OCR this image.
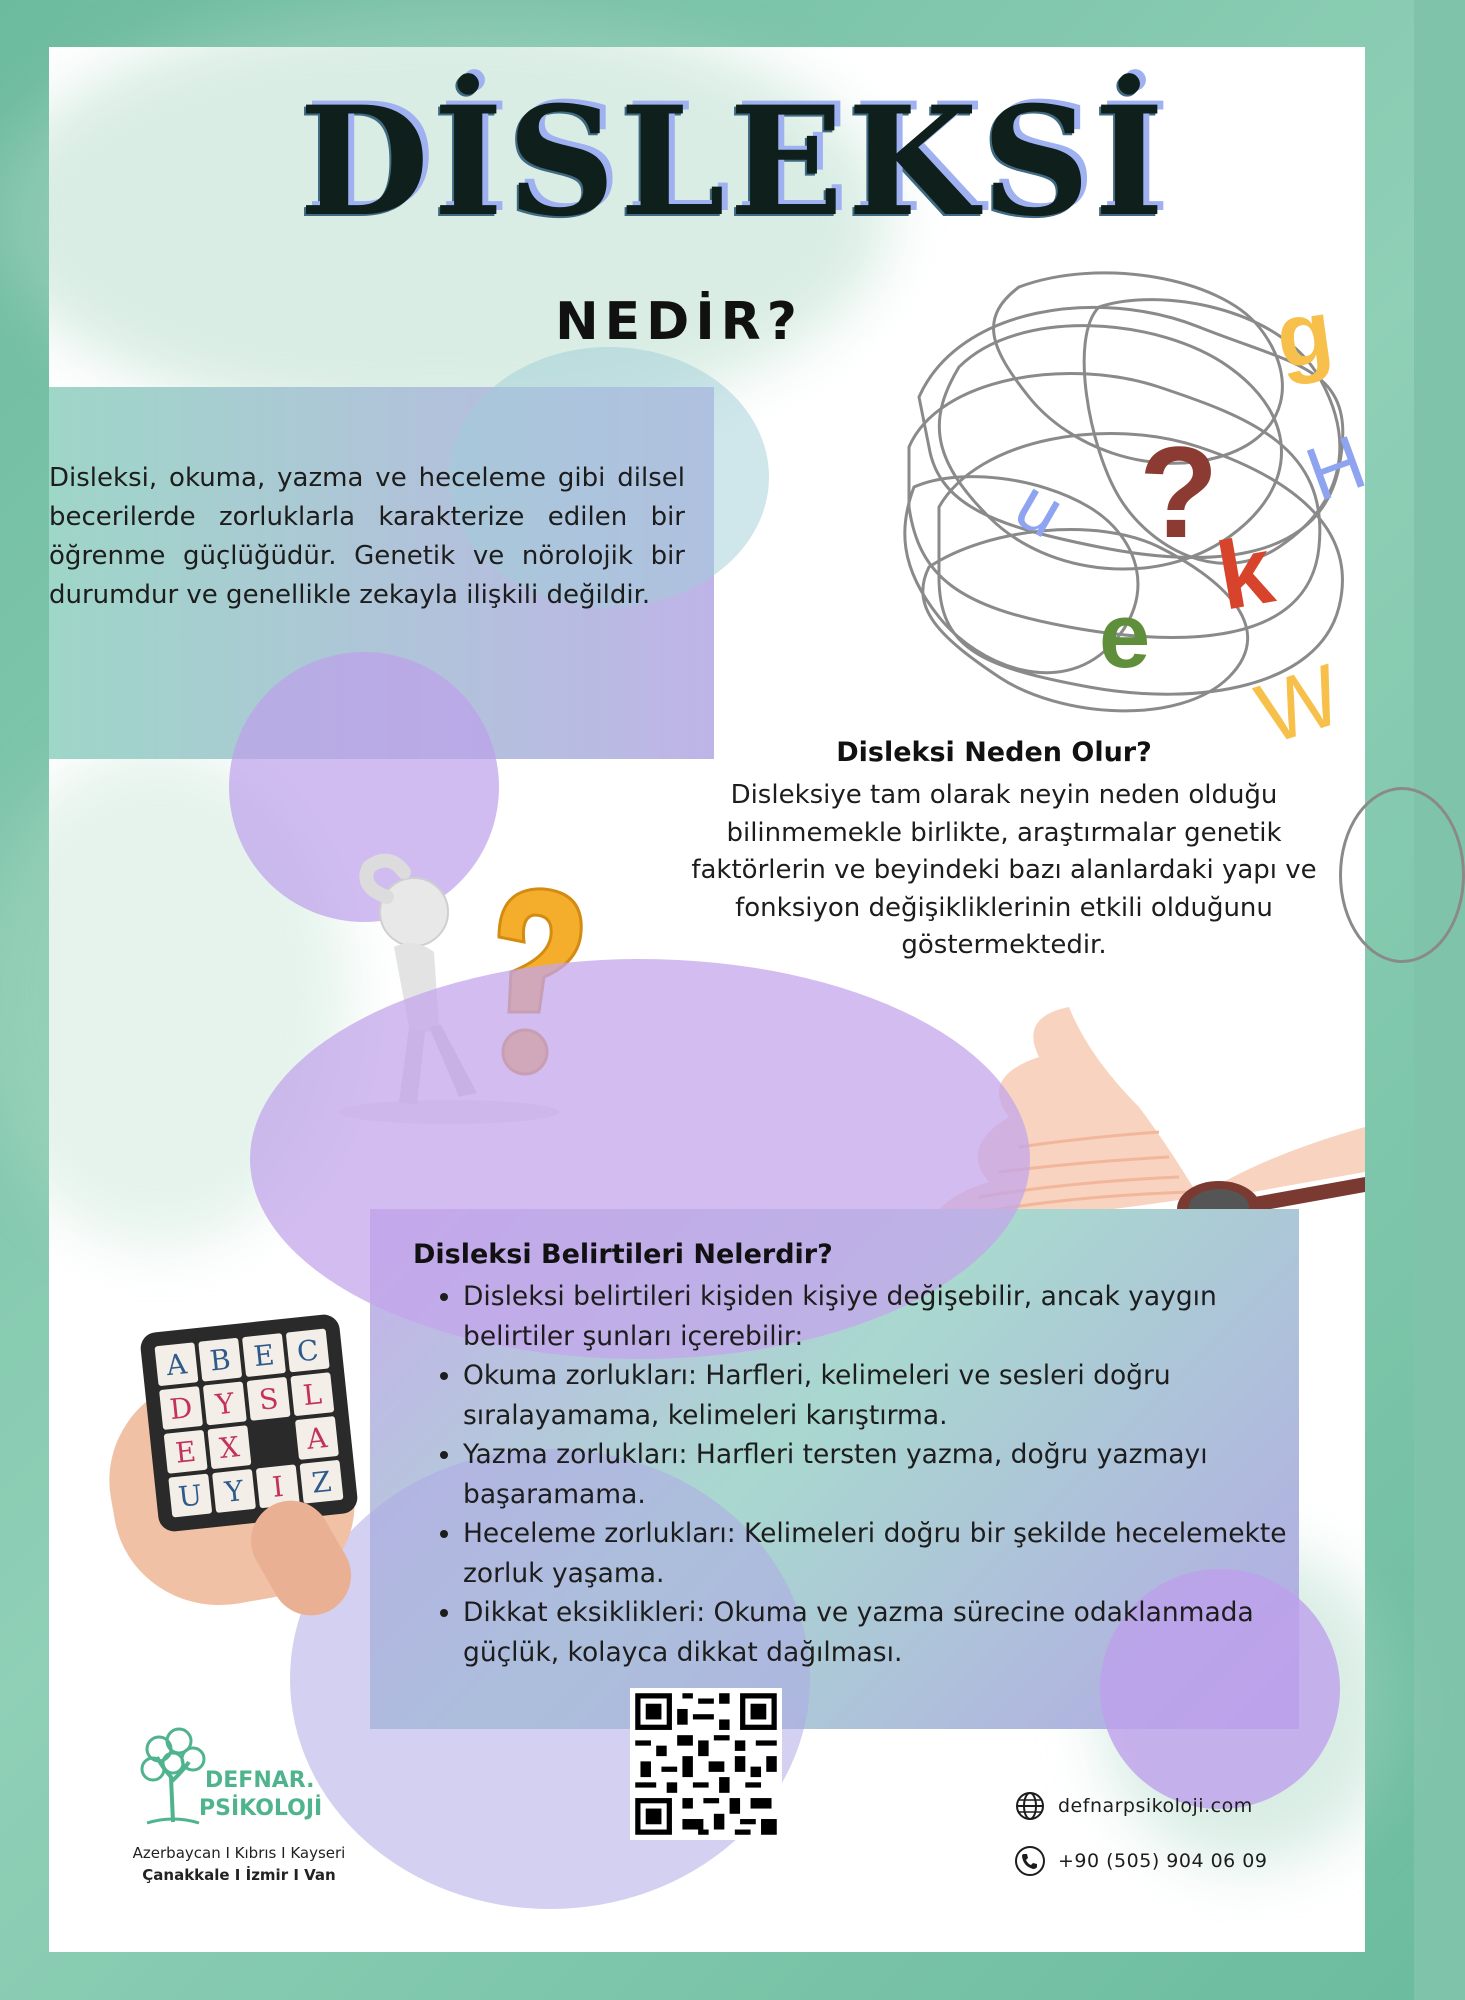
DİSLEKSİ
NEDİR?
Disleksi, okuma, yazma ve heceleme gibi dilsel becerilerde zorluklarla karakterize edilen bir öğrenme güçlüğüdür. Genetik ve nörolojik bir durumdur ve genellikle zekayla ilişkili değildir.
g
?
u	H
k
e
W
Disleksi Neden Olur?
Disleksiye tam olarak neyin neden olduğu bilinmemekle birlikte, araştırmalar genetik faktörlerin ve beyindeki bazı alanlardaki yapı ve fonksiyon değişikliklerinin etkili olduğunu göstermektedir.
Disleksi Belirtileri Nelerdir?
• Disleksi belirtileri kişiden kişiye değişebilir, ancak yaygın belirtiler şunları içerebilir:
• Okuma zorlukları: Harfleri, kelimeleri ve sesleri doğru sıralayamama, kelimeleri karıştırma.
• Yazma zorlukları: Harfleri tersten yazma, doğru yazmayı başaramama.
• Heceleme zorlukları: Kelimeleri doğru bir şekilde hecelemekte zorluk yaşama.
• Dikkat eksiklikleri: Okuma ve yazma sürecine odaklanmada güçlük, kolayca dikkat dağılması.
A B E C
D Y S L
E X	A
U Y I Z
DEFNAR.
PSİKOLOJİ
Azerbaycan I Kıbrıs I Kayseri
Çanakkale I İzmir I Van
defnarpsikoloji.com
+90 (505) 904 06 09
